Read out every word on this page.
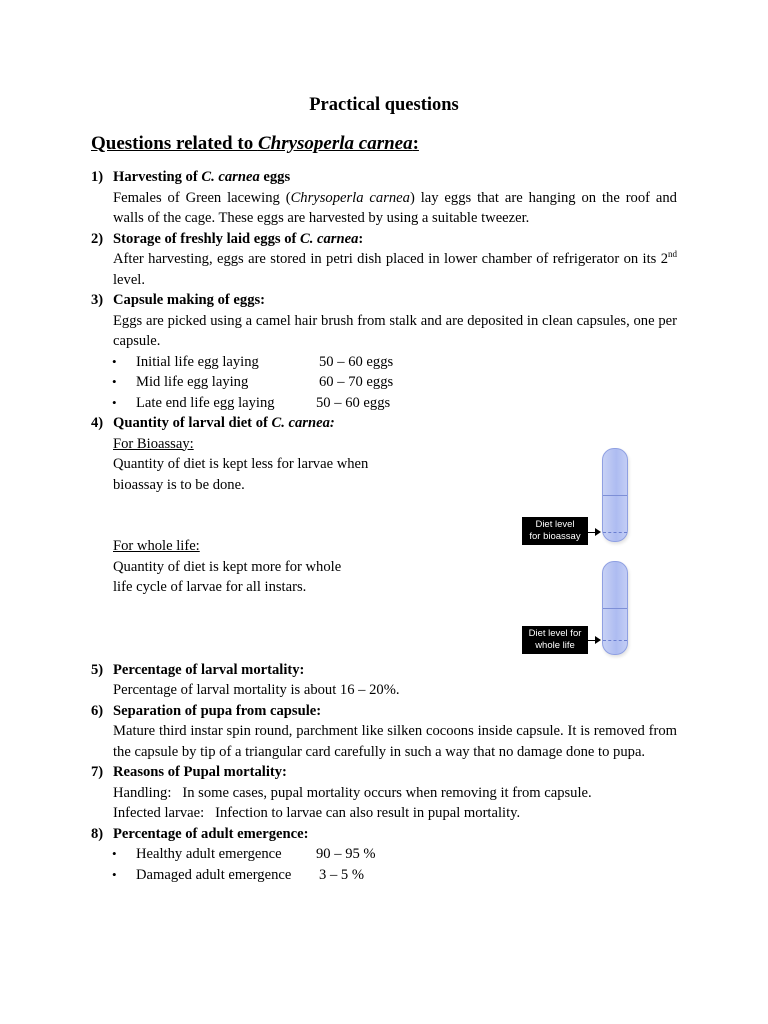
Practical questions
Questions related to Chrysoperla carnea:
1) Harvesting of C. carnea eggs
Females of Green lacewing (Chrysoperla carnea) lay eggs that are hanging on the roof and walls of the cage. These eggs are harvested by using a suitable tweezer.
2) Storage of freshly laid eggs of C. carnea:
After harvesting, eggs are stored in petri dish placed in lower chamber of refrigerator on its 2nd level.
3) Capsule making of eggs:
Eggs are picked using a camel hair brush from stalk and are deposited in clean capsules, one per capsule.
• Initial life egg laying	50 – 60 eggs
• Mid life egg laying	60 – 70 eggs
• Late end life egg laying	50 – 60 eggs
4) Quantity of larval diet of C. carnea:
For Bioassay:
Quantity of diet is kept less for larvae when bioassay is to be done.
For whole life:
Quantity of diet is kept more for whole life cycle of larvae for all instars.
5) Percentage of larval mortality:
Percentage of larval mortality is about 16 – 20%.
6) Separation of pupa from capsule:
Mature third instar spin round, parchment like silken cocoons inside capsule. It is removed from the capsule by tip of a triangular card carefully in such a way that no damage done to pupa.
7) Reasons of Pupal mortality:
Handling: In some cases, pupal mortality occurs when removing it from capsule.
Infected larvae: Infection to larvae can also result in pupal mortality.
8) Percentage of adult emergence:
• Healthy adult emergence 90 – 95 %
• Damaged adult emergence 3 – 5 %
Diet level
for bioassay
Diet level for
whole life
